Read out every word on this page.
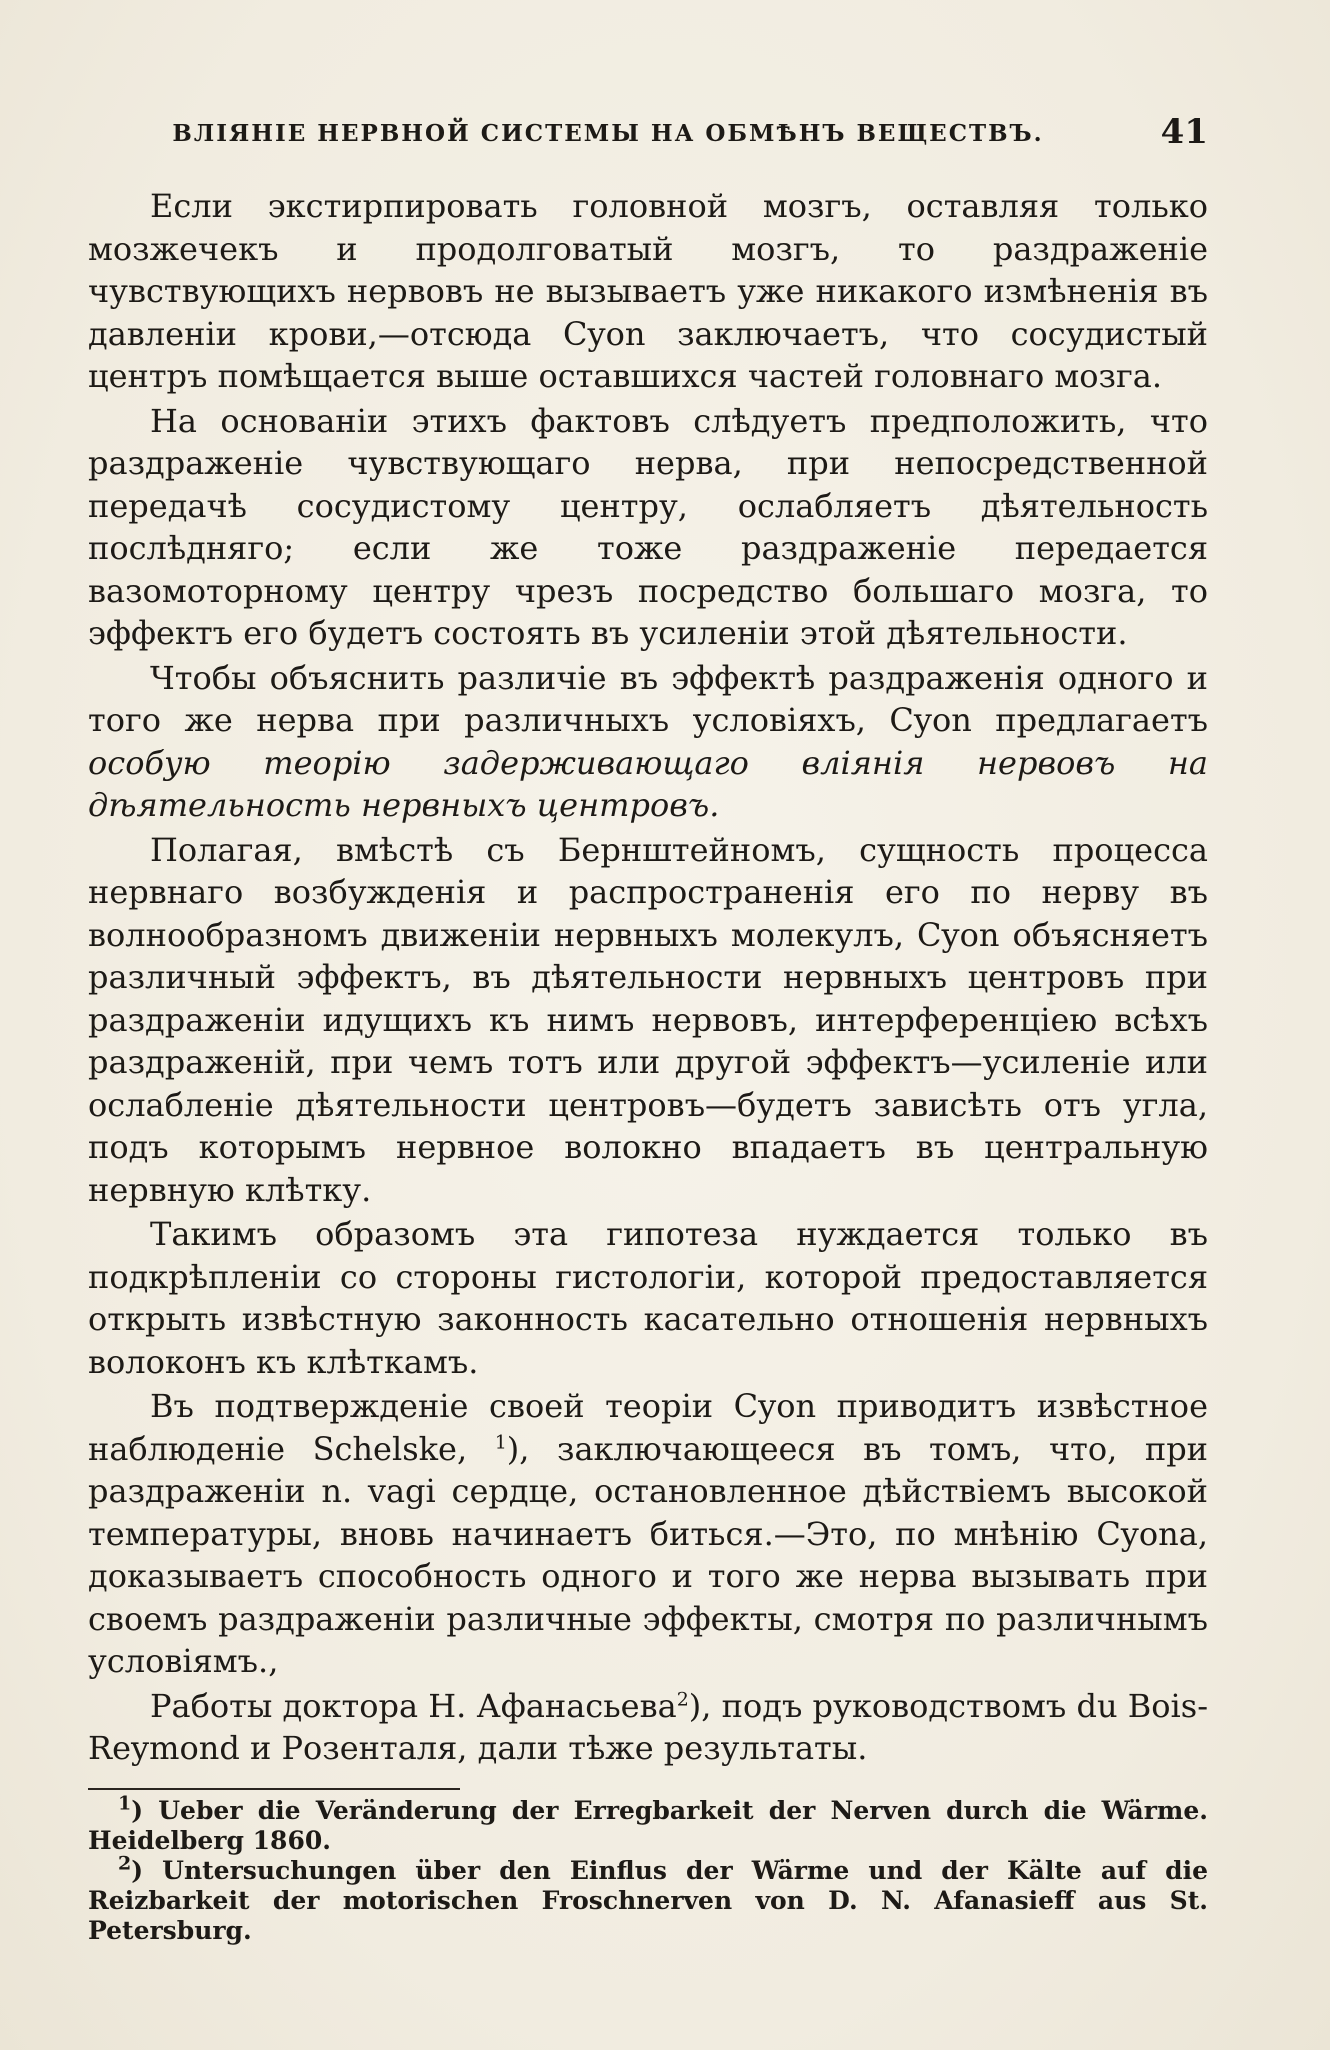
ВЛІЯНІЕ НЕРВНОЙ СИСТЕМЫ НА ОБМѢНЪ ВЕЩЕСТВЪ.	41

Если экстирпировать головной мозгъ, оставляя только мозжечекъ и продолговатый мозгъ, то раздраженіе чувствующихъ нервовъ не вызываетъ уже никакого измѣненія въ давленіи крови,—отсюда Cyon заключаетъ, что сосудистый центръ помѣщается выше оставшихся частей головнаго мозга.

На основаніи этихъ фактовъ слѣдуетъ предположить, что раздраженіе чувствующаго нерва, при непосредственной передачѣ сосудистому центру, ослабляетъ дѣятельность послѣдняго; если же тоже раздраженіе передается вазомоторному центру чрезъ посредство большаго мозга, то эффектъ его будетъ состоять въ усиленіи этой дѣятельности.

Чтобы объяснить различіе въ эффектѣ раздраженія одного и того же нерва при различныхъ условіяхъ, Cyon предлагаетъ особую теорію задерживающаго вліянія нервовъ на дѣятельность нервныхъ центровъ.

Полагая, вмѣстѣ съ Бернштейномъ, сущность процесса нервнаго возбужденія и распространенія его по нерву въ волнообразномъ движеніи нервныхъ молекулъ, Cyon объясняетъ различный эффектъ, въ дѣятельности нервныхъ центровъ при раздраженіи идущихъ къ нимъ нервовъ, интерференціею всѣхъ раздраженій, при чемъ тотъ или другой эффектъ—усиленіе или ослабленіе дѣятельности центровъ—будетъ зависѣть отъ угла, подъ которымъ нервное волокно впадаетъ въ центральную нервную клѣтку.

Такимъ образомъ эта гипотеза нуждается только въ подкрѣпленіи со стороны гистологіи, которой предоставляется открыть извѣстную законность касательно отношенія нервныхъ волоконъ къ клѣткамъ.

Въ подтвержденіе своей теоріи Cyon приводитъ извѣстное наблюденіе Schelske, $^1$), заключающееся въ томъ, что, при раздраженіи n. vagi сердце, остановленное дѣйствіемъ высокой температуры, вновь начинаетъ биться.—Это, по мнѣнію Cyona, доказываетъ способность одного и того же нерва вызывать при своемъ раздраженіи различные эффекты, смотря по различнымъ условіямъ.,

Работы доктора Н. Афанасьева$^2$), подъ руководствомъ du Bois-Reymond и Розенталя, дали тѣже результаты.

$^1$) Ueber die Veränderung der Erregbarkeit der Nerven durch die Wärme. Heidelberg 1860.

$^2$) Untersuchungen über den Einflus der Wärme und der Kälte auf die Reizbarkeit der motorischen Froschnerven von D. N. Afanasieff aus St. Petersburg.
